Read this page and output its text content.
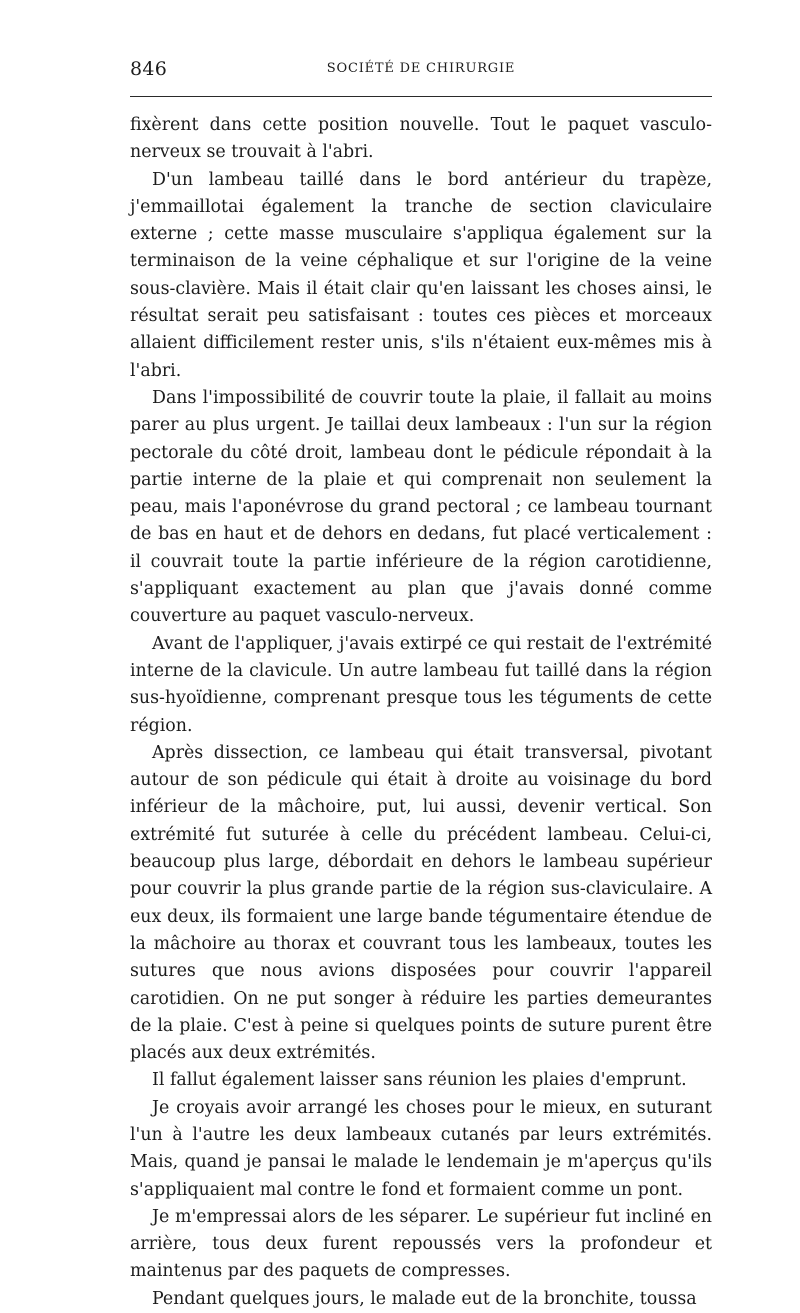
846	SOCIÉTÉ DE CHIRURGIE

fixèrent dans cette position nouvelle. Tout le paquet vasculo-nerveux se trouvait à l'abri.

D'un lambeau taillé dans le bord antérieur du trapèze, j'emmaillotai également la tranche de section claviculaire externe ; cette masse musculaire s'appliqua également sur la terminaison de la veine céphalique et sur l'origine de la veine sous-clavière. Mais il était clair qu'en laissant les choses ainsi, le résultat serait peu satisfaisant : toutes ces pièces et morceaux allaient difficilement rester unis, s'ils n'étaient eux-mêmes mis à l'abri.

Dans l'impossibilité de couvrir toute la plaie, il fallait au moins parer au plus urgent. Je taillai deux lambeaux : l'un sur la région pectorale du côté droit, lambeau dont le pédicule répondait à la partie interne de la plaie et qui comprenait non seulement la peau, mais l'aponévrose du grand pectoral ; ce lambeau tournant de bas en haut et de dehors en dedans, fut placé verticalement : il couvrait toute la partie inférieure de la région carotidienne, s'appliquant exactement au plan que j'avais donné comme couverture au paquet vasculo-nerveux.

Avant de l'appliquer, j'avais extirpé ce qui restait de l'extrémité interne de la clavicule. Un autre lambeau fut taillé dans la région sus-hyoïdienne, comprenant presque tous les téguments de cette région.

Après dissection, ce lambeau qui était transversal, pivotant autour de son pédicule qui était à droite au voisinage du bord inférieur de la mâchoire, put, lui aussi, devenir vertical. Son extrémité fut suturée à celle du précédent lambeau. Celui-ci, beaucoup plus large, débordait en dehors le lambeau supérieur pour couvrir la plus grande partie de la région sus-claviculaire. A eux deux, ils formaient une large bande tégumentaire étendue de la mâchoire au thorax et couvrant tous les lambeaux, toutes les sutures que nous avions disposées pour couvrir l'appareil carotidien. On ne put songer à réduire les parties demeurantes de la plaie. C'est à peine si quelques points de suture purent être placés aux deux extrémités.

Il fallut également laisser sans réunion les plaies d'emprunt.

Je croyais avoir arrangé les choses pour le mieux, en suturant l'un à l'autre les deux lambeaux cutanés par leurs extrémités. Mais, quand je pansai le malade le lendemain je m'aperçus qu'ils s'appliquaient mal contre le fond et formaient comme un pont.

Je m'empressai alors de les séparer. Le supérieur fut incliné en arrière, tous deux furent repoussés vers la profondeur et maintenus par des paquets de compresses.

Pendant quelques jours, le malade eut de la bronchite, toussa
